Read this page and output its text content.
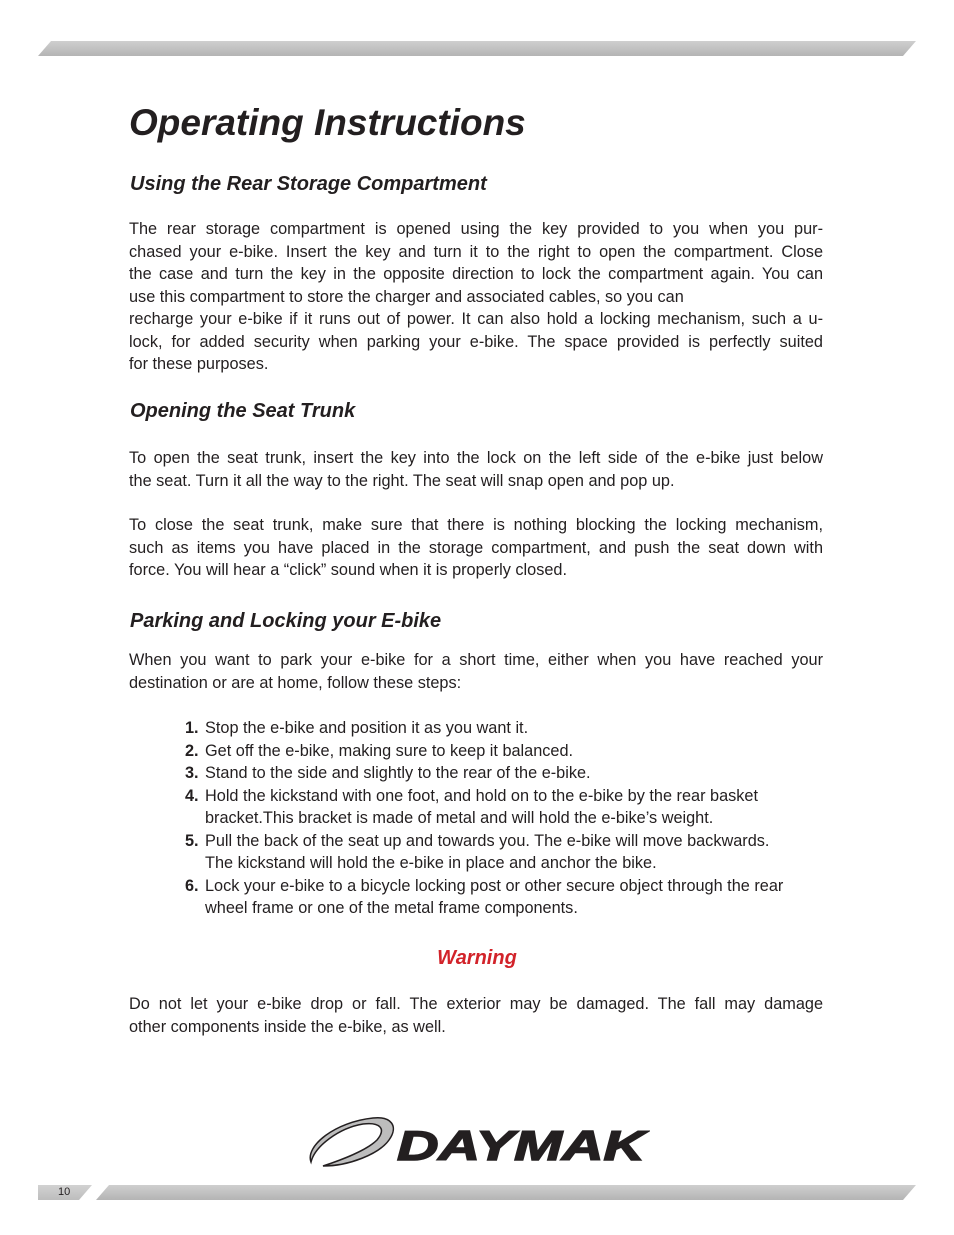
Operating Instructions
Using the Rear Storage Compartment
The rear storage compartment is opened using the key provided to you when you pur-
chased your e-bike. Insert the key and turn it to the right to open the compartment. Close
the case and turn the key in the opposite direction to lock the compartment again. You can
use this compartment to store the charger and associated cables, so you can
recharge your e-bike if it runs out of power. It can also hold a locking mechanism, such a u-
lock, for added security when parking your e-bike. The space provided is perfectly suited
for these purposes.
Opening the Seat Trunk
To open the seat trunk, insert the key into the lock on the left side of the e-bike just below
the seat. Turn it all the way to the right. The seat will snap open and pop up.
To close the seat trunk, make sure that there is nothing blocking the locking mechanism,
such as items you have placed in the storage compartment, and push the seat down with
force. You will hear a “click” sound when it is properly closed.
Parking and Locking your E-bike
When you want to park your e-bike for a short time, either when you have reached your
destination or are at home, follow these steps:
1. Stop the e-bike and position it as you want it.
2. Get off the e-bike, making sure to keep it balanced.
3. Stand to the side and slightly to the rear of the e-bike.
4. Hold the kickstand with one foot, and hold on to the e-bike by the rear basket
bracket.This bracket is made of metal and will hold the e-bike’s weight.
5. Pull the back of the seat up and towards you. The e-bike will move backwards.
The kickstand will hold the e-bike in place and anchor the bike.
6. Lock your e-bike to a bicycle locking post or other secure object through the rear
wheel frame or one of the metal frame components.
Warning
Do not let your e-bike drop or fall. The exterior may be damaged. The fall may damage
other components inside the e-bike, as well.
DAYMAK
10
